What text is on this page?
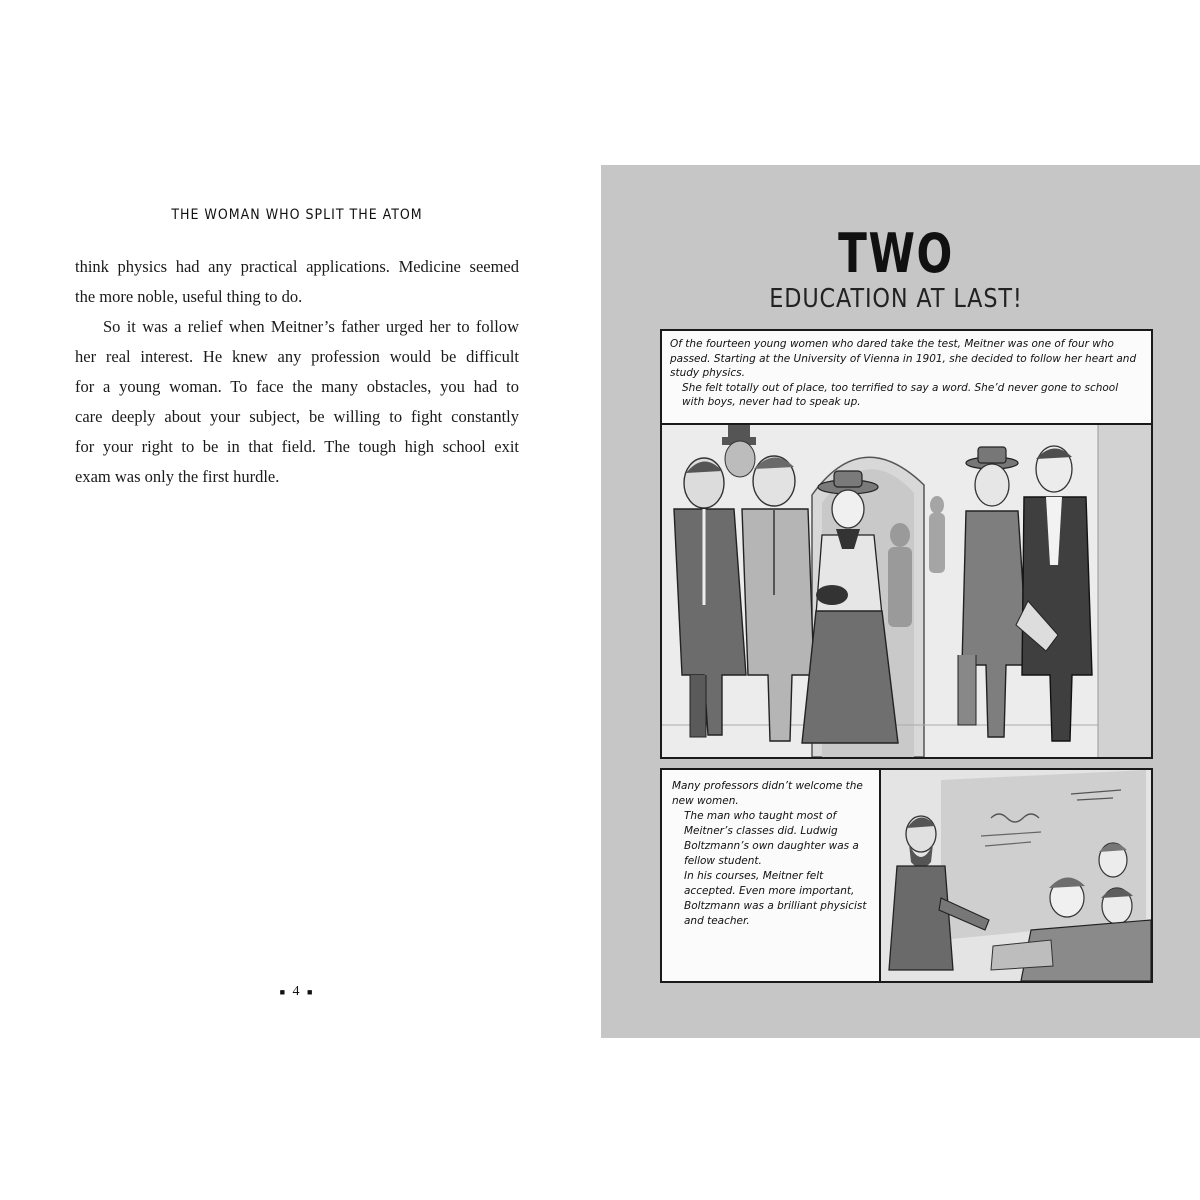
THE WOMAN WHO SPLIT THE ATOM
think physics had any practical applications. Medicine seemed
the more noble, useful thing to do.
So it was a relief when Meitner’s father urged her to follow
her real interest. He knew any profession would be difficult
for a young woman. To face the many obstacles, you had to
care deeply about your subject, be willing to fight constantly
for your right to be in that field. The tough high school exit
exam was only the first hurdle.
■ 4 ■
TWO
EDUCATION AT LAST!

Of the fourteen young women who dared take the test, Meitner was one of four who passed. Starting at the University of Vienna in 1901, she decided to follow her heart and study physics.

She felt totally out of place, too terrified to say a word. She’d never gone to school with boys, never had to speak up.

Many professors didn’t welcome the new women.

The man who taught most of Meitner’s classes did. Ludwig Boltzmann’s own daughter was a fellow student.

In his courses, Meitner felt accepted. Even more important, Boltzmann was a brilliant physicist and teacher.
